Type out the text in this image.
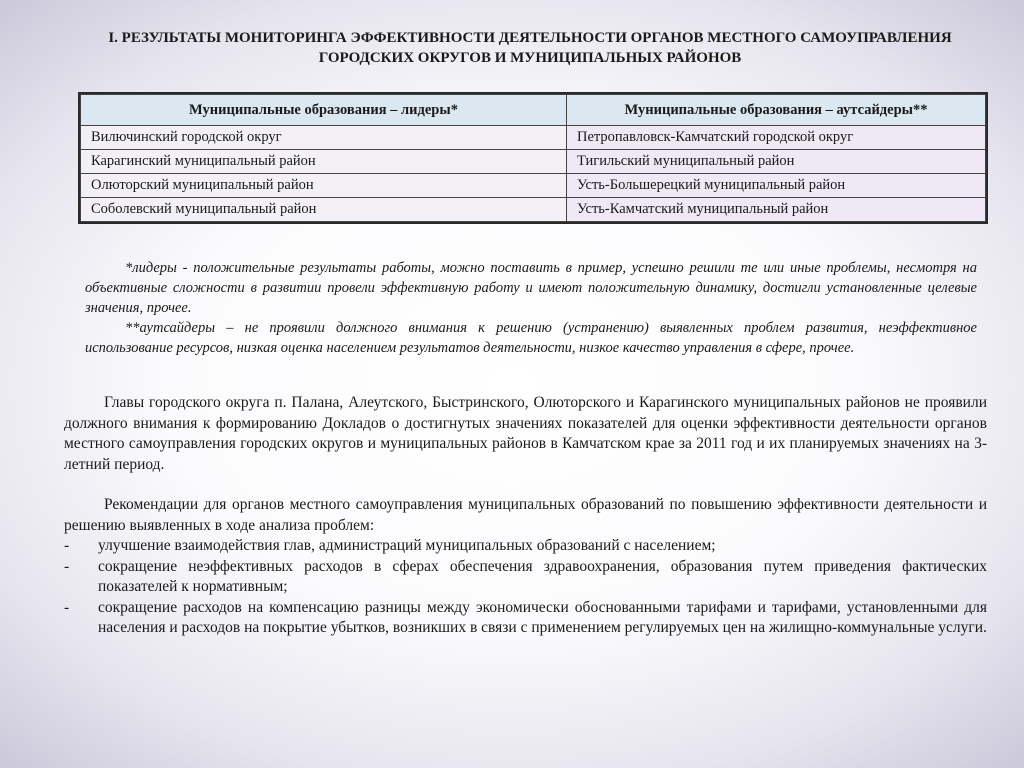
I. РЕЗУЛЬТАТЫ МОНИТОРИНГА ЭФФЕКТИВНОСТИ ДЕЯТЕЛЬНОСТИ ОРГАНОВ МЕСТНОГО САМОУПРАВЛЕНИЯ ГОРОДСКИХ ОКРУГОВ И МУНИЦИПАЛЬНЫХ РАЙОНОВ
Муниципальные образования – лидеры*	Муниципальные образования – аутсайдеры**
Вилючинский городской округ	Петропавловск-Камчатский городской округ
Карагинский муниципальный район	Тигильский муниципальный район
Олюторский муниципальный район	Усть-Большерецкий муниципальный район
Соболевский муниципальный район	Усть-Камчатский муниципальный район

*лидеры - положительные результаты работы, можно поставить в пример, успешно решили те или иные проблемы, несмотря на объективные сложности в развитии провели эффективную работу и имеют положительную динамику, достигли установленные целевые значения, прочее.

**аутсайдеры – не проявили должного внимания к решению (устранению) выявленных проблем развития, неэффективное использование ресурсов, низкая оценка населением результатов деятельности, низкое качество управления в сфере, прочее.

Главы городского округа п. Палана, Алеутского, Быстринского, Олюторского и Карагинского муниципальных районов не проявили должного внимания к формированию Докладов о достигнутых значениях показателей для оценки эффективности деятельности органов местного самоуправления городских округов и муниципальных районов в Камчатском крае за 2011 год и их планируемых значениях на 3-летний период.

Рекомендации для органов местного самоуправления муниципальных образований по повышению эффективности деятельности и решению выявленных в ходе анализа проблем:

- улучшение взаимодействия глав, администраций муниципальных образований с населением;
- сокращение неэффективных расходов в сферах обеспечения здравоохранения, образования путем приведения фактических показателей к нормативным;
- сокращение расходов на компенсацию разницы между экономически обоснованными тарифами и тарифами, установленными для населения и расходов на покрытие убытков, возникших в связи с применением регулируемых цен на жилищно-коммунальные услуги.
